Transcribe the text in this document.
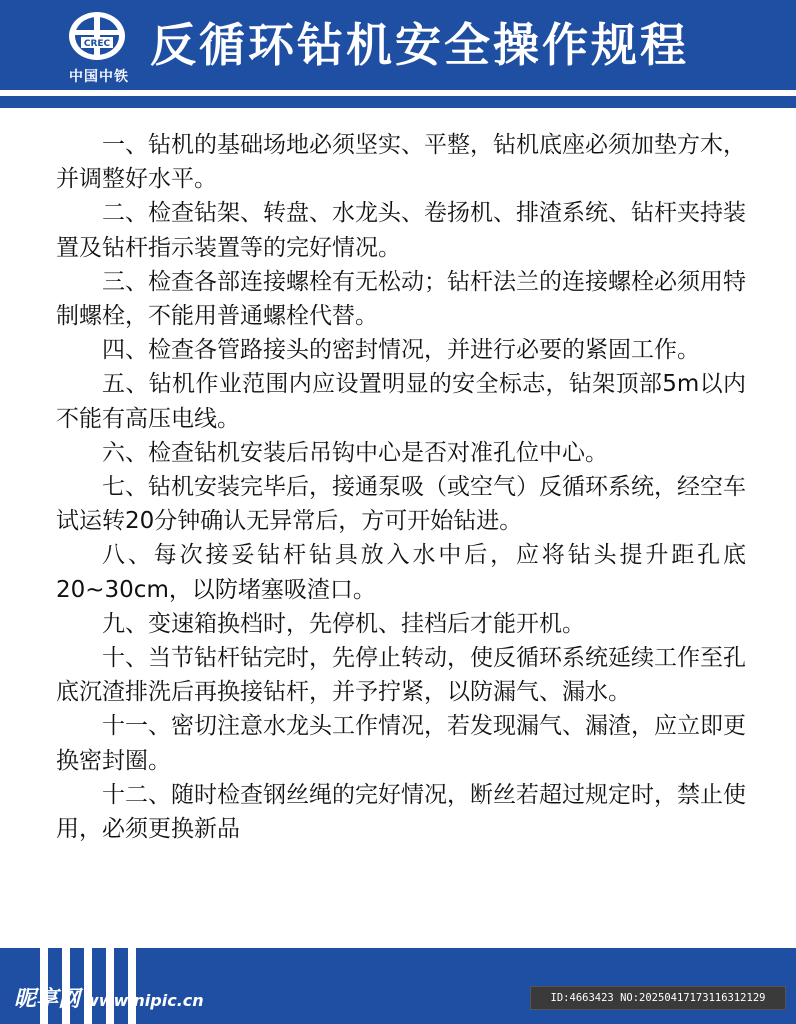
CREC
中国中铁
反循环钻机安全操作规程

一、钻机的基础场地必须坚实、平整，钻机底座必须加垫方木，并调整好水平。

二、检查钻架、转盘、水龙头、卷扬机、排渣系统、钻杆夹持装置及钻杆指示装置等的完好情况。

三、检查各部连接螺栓有无松动；钻杆法兰的连接螺栓必须用特制螺栓，不能用普通螺栓代替。

四、检查各管路接头的密封情况，并进行必要的紧固工作。

五、钻机作业范围内应设置明显的安全标志，钻架顶部5m以内不能有高压电线。

六、检查钻机安装后吊钩中心是否对准孔位中心。

七、钻机安装完毕后，接通泵吸（或空气）反循环系统，经空车试运转20分钟确认无异常后，方可开始钻进。

八、每次接妥钻杆钻具放入水中后，应将钻头提升距孔底20~30cm，以防堵塞吸渣口。

九、变速箱换档时，先停机、挂档后才能开机。

十、当节钻杆钻完时，先停止转动，使反循环系统延续工作至孔底沉渣排洗后再换接钻杆，并予拧紧，以防漏气、漏水。

十一、密切注意水龙头工作情况，若发现漏气、漏渣，应立即更换密封圈。

十二、随时检查钢丝绳的完好情况，断丝若超过规定时，禁止使用，必须更换新品

昵享网 www.nipic.cn	ID:4663423 NO:20250417173116312129
